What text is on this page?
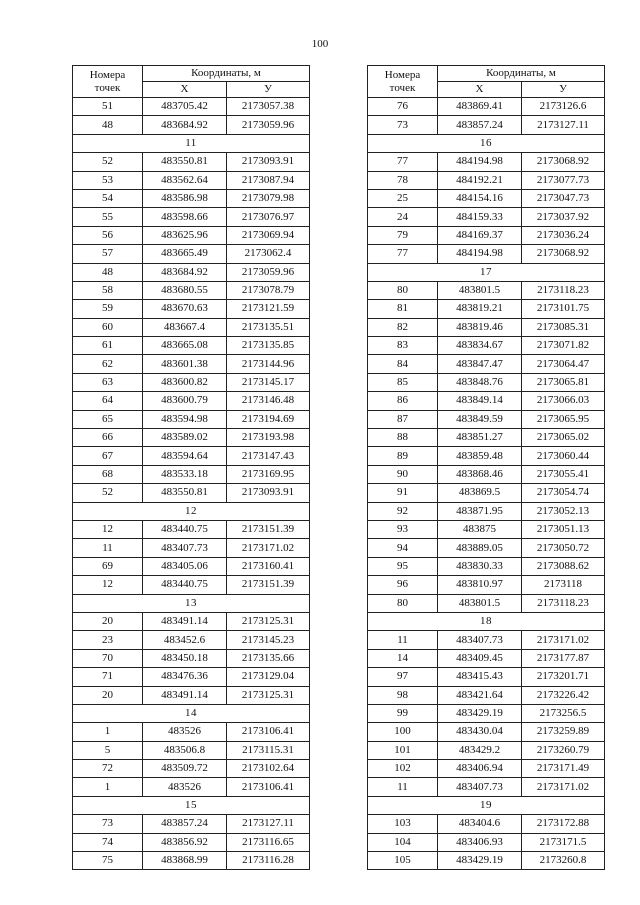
100
Номера
точек	Координаты, м	
	Х	У
51	483705.42	2173057.38
48	483684.92	2173059.96
11		
52	483550.81	2173093.91
53	483562.64	2173087.94
54	483586.98	2173079.98
55	483598.66	2173076.97
56	483625.96	2173069.94
57	483665.49	2173062.4
48	483684.92	2173059.96
58	483680.55	2173078.79
59	483670.63	2173121.59
60	483667.4	2173135.51
61	483665.08	2173135.85
62	483601.38	2173144.96
63	483600.82	2173145.17
64	483600.79	2173146.48
65	483594.98	2173194.69
66	483589.02	2173193.98
67	483594.64	2173147.43
68	483533.18	2173169.95
52	483550.81	2173093.91
12		
12	483440.75	2173151.39
11	483407.73	2173171.02
69	483405.06	2173160.41
12	483440.75	2173151.39
13		
20	483491.14	2173125.31
23	483452.6	2173145.23
70	483450.18	2173135.66
71	483476.36	2173129.04
20	483491.14	2173125.31
14		
1	483526	2173106.41
5	483506.8	2173115.31
72	483509.72	2173102.64
1	483526	2173106.41
15		
73	483857.24	2173127.11
74	483856.92	2173116.65
75	483868.99	2173116.28
Номера
точек	Координаты, м	
	Х	У
76	483869.41	2173126.6
73	483857.24	2173127.11
16		
77	484194.98	2173068.92
78	484192.21	2173077.73
25	484154.16	2173047.73
24	484159.33	2173037.92
79	484169.37	2173036.24
77	484194.98	2173068.92
17		
80	483801.5	2173118.23
81	483819.21	2173101.75
82	483819.46	2173085.31
83	483834.67	2173071.82
84	483847.47	2173064.47
85	483848.76	2173065.81
86	483849.14	2173066.03
87	483849.59	2173065.95
88	483851.27	2173065.02
89	483859.48	2173060.44
90	483868.46	2173055.41
91	483869.5	2173054.74
92	483871.95	2173052.13
93	483875	2173051.13
94	483889.05	2173050.72
95	483830.33	2173088.62
96	483810.97	2173118
80	483801.5	2173118.23
18		
11	483407.73	2173171.02
14	483409.45	2173177.87
97	483415.43	2173201.71
98	483421.64	2173226.42
99	483429.19	2173256.5
100	483430.04	2173259.89
101	483429.2	2173260.79
102	483406.94	2173171.49
11	483407.73	2173171.02
19		
103	483404.6	2173172.88
104	483406.93	2173171.5
105	483429.19	2173260.8
